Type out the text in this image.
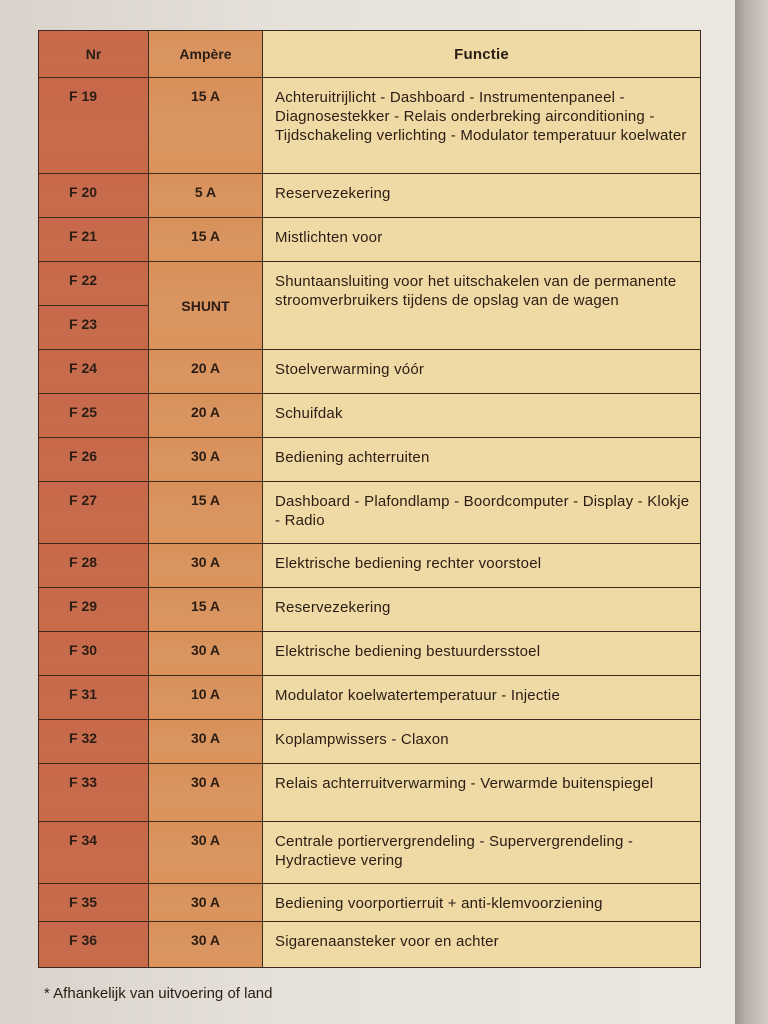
Nr	Ampère	Functie
F 19	15 A	Achteruitrijlicht - Dashboard - Instrumentenpaneel - Diagnosestekker - Relais onderbreking airconditioning - Tijdschakeling verlichting - Modulator temperatuur koelwater
F 20	5 A	Reservezekering
F 21	15 A	Mistlichten voor
F 22	SHUNT	Shuntaansluiting voor het uitschakelen van de permanente stroomverbruikers tijdens de opslag van de wagen
F 23		
F 24	20 A	Stoelverwarming vóór
F 25	20 A	Schuifdak
F 26	30 A	Bediening achterruiten
F 27	15 A	Dashboard - Plafondlamp - Boordcomputer - Display - Klokje - Radio
F 28	30 A	Elektrische bediening rechter voorstoel
F 29	15 A	Reservezekering
F 30	30 A	Elektrische bediening bestuurdersstoel
F 31	10 A	Modulator koelwatertemperatuur - Injectie
F 32	30 A	Koplampwissers - Claxon
F 33	30 A	Relais achterruitverwarming - Verwarmde buitenspiegel
F 34	30 A	Centrale portiervergrendeling - Supervergrendeling - Hydractieve vering
F 35	30 A	Bediening voorportierruit + anti-klemvoorziening
F 36	30 A	Sigarenaansteker voor en achter
* Afhankelijk van uitvoering of land
